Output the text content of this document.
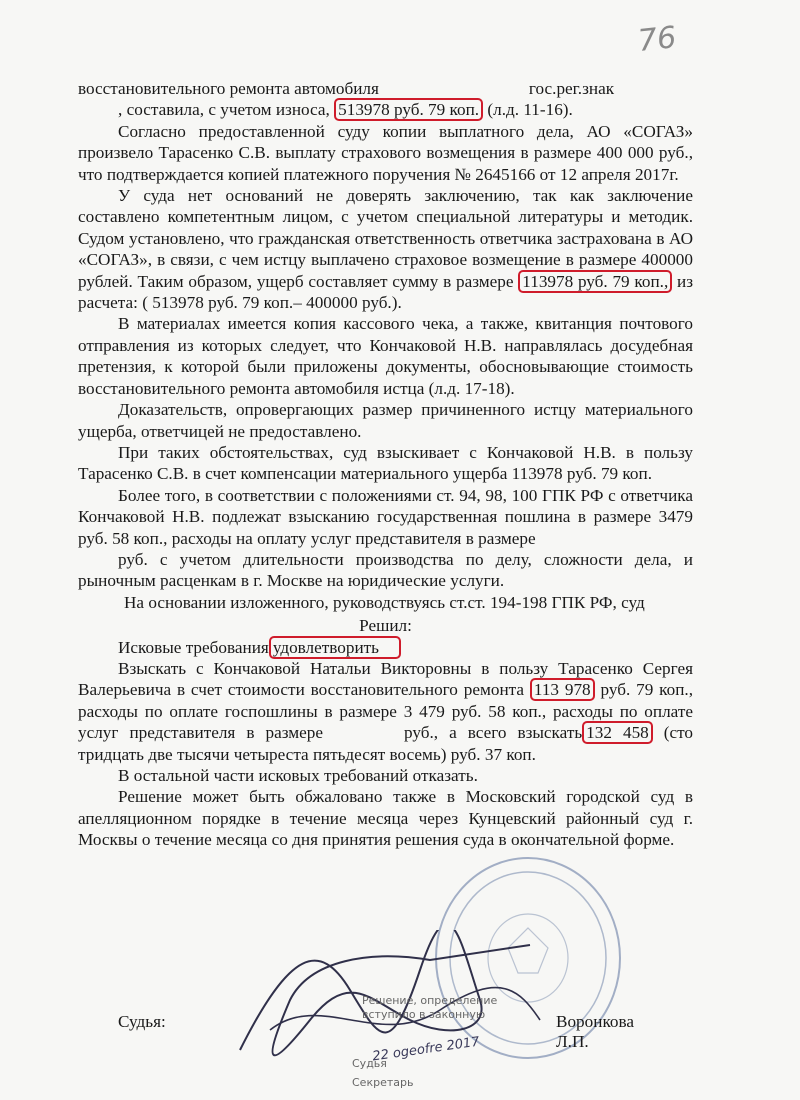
76

восстановительного ремонта автомобиля	гос.рег.знак

, составила, с учетом износа, 513978 руб. 79 коп. (л.д. 11-16).

Согласно предоставленной суду копии выплатного дела, АО «СОГАЗ» произвело Тарасенко С.В. выплату страхового возмещения в размере 400 000 руб., что подтверждается копией платежного поручения № 2645166 от 12 апреля 2017г.

У суда нет оснований не доверять заключению, так как заключение составлено компетентным лицом, с учетом специальной литературы и методик. Судом установлено, что гражданская ответственность ответчика застрахована в АО «СОГАЗ», в связи, с чем истцу выплачено страховое возмещение в размере 400000 рублей. Таким образом, ущерб составляет сумму в размере 113978 руб. 79 коп., из расчета: ( 513978 руб. 79 коп.– 400000 руб.).

В материалах имеется копия кассового чека, а также, квитанция почтового отправления из которых следует, что Кончаковой Н.В. направлялась досудебная претензия, к которой были приложены документы, обосновывающие стоимость восстановительного ремонта автомобиля истца (л.д. 17-18).

Доказательств, опровергающих размер причиненного истцу материального ущерба, ответчицей не предоставлено.

При таких обстоятельствах, суд взыскивает с Кончаковой Н.В. в пользу Тарасенко С.В. в счет компенсации материального ущерба 113978 руб. 79 коп.

Более того, в соответствии с положениями ст. 94, 98, 100 ГПК РФ с ответчика Кончаковой Н.В. подлежат взысканию государственная пошлина в размере 3479 руб. 58 коп., расходы на оплату услуг представителя в размере
руб. с учетом длительности производства по делу, сложности дела, и рыночным расценкам в г. Москве на юридические услуги.

На основании изложенного, руководствуясь ст.ст. 194-198 ГПК РФ, суд

Решил:

Исковые требования удовлетворить

Взыскать с Кончаковой Натальи Викторовны в пользу Тарасенко Сергея Валерьевича в счет стоимости восстановительного ремонта 113 978 руб. 79 коп., расходы по оплате госпошлины в размере 3 479 руб. 58 коп., расходы по оплате услуг представителя в размере	руб., а всего взыскать 132 458 (сто тридцать две тысячи четыреста пятьдесят восемь) руб. 37 коп.

В остальной части исковых требований отказать.

Решение может быть обжаловано также в Московский городской суд в апелляционном порядке в течение месяца через Кунцевский районный суд г. Москвы о течение месяца со дня принятия решения суда в окончательной форме.

22 ogeofre 2017
Решение, определение
вступило в законную
Судья
Секретарь
Судья:	Воронкова Л.П.
